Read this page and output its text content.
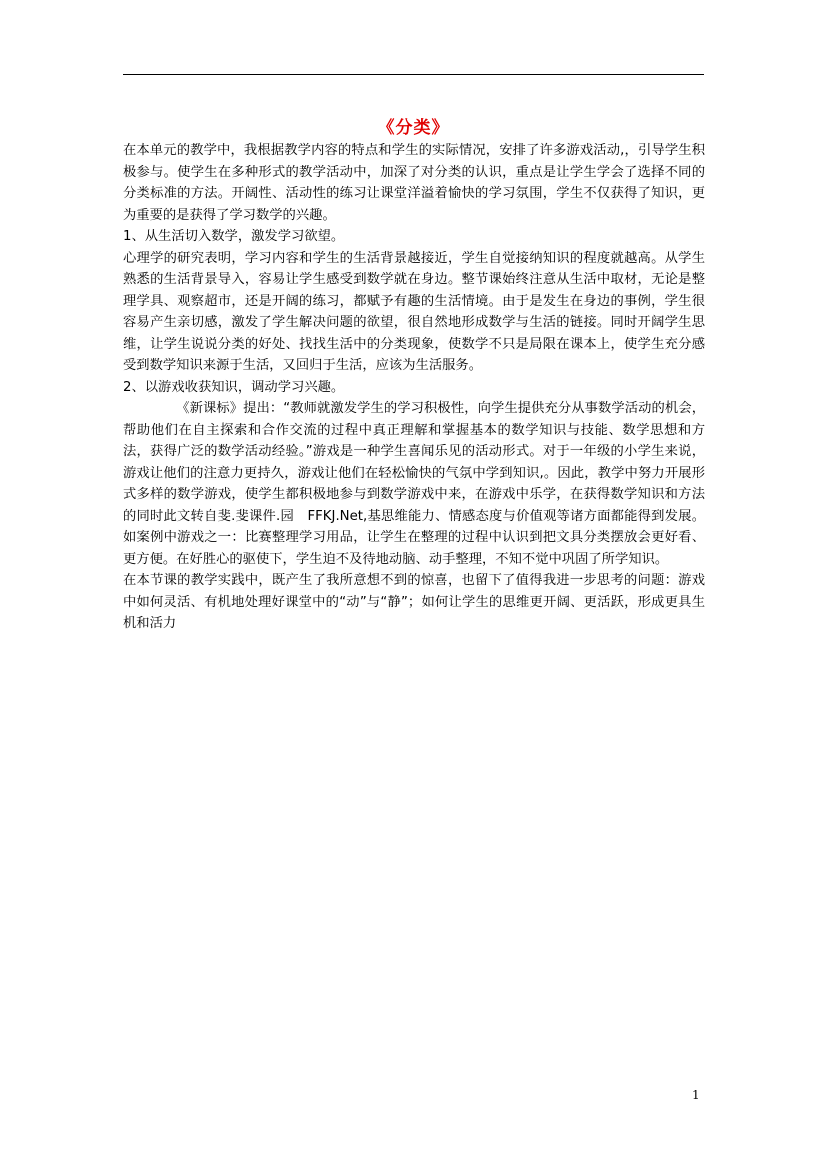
《分类》

在本单元的教学中，我根据教学内容的特点和学生的实际情况，安排了许多游戏活动,，引导学生积极参与。使学生在多种形式的教学活动中，加深了对分类的认识，重点是让学生学会了选择不同的分类标准的方法。开阔性、活动性的练习让课堂洋溢着愉快的学习氛围，学生不仅获得了知识，更为重要的是获得了学习数学的兴趣。

1、从生活切入数学，激发学习欲望。

心理学的研究表明，学习内容和学生的生活背景越接近，学生自觉接纳知识的程度就越高。从学生熟悉的生活背景导入，容易让学生感受到数学就在身边。整节课始终注意从生活中取材，无论是整理学具、观察超市，还是开阔的练习，都赋予有趣的生活情境。由于是发生在身边的事例，学生很容易产生亲切感，激发了学生解决问题的欲望，很自然地形成数学与生活的链接。同时开阔学生思维，让学生说说分类的好处、找找生活中的分类现象，使数学不只是局限在课本上，使学生充分感受到数学知识来源于生活，又回归于生活，应该为生活服务。

2、以游戏收获知识，调动学习兴趣。

《新课标》提出：“教师就激发学生的学习积极性，向学生提供充分从事数学活动的机会，帮助他们在自主探索和合作交流的过程中真正理解和掌握基本的数学知识与技能、数学思想和方法，获得广泛的数学活动经验。”游戏是一种学生喜闻乐见的活动形式。对于一年级的小学生来说，游戏让他们的注意力更持久，游戏让他们在轻松愉快的气氛中学到知识,。因此，教学中努力开展形式多样的数学游戏，使学生都积极地参与到数学游戏中来，在游戏中乐学，在获得数学知识和方法的同时此文转自斐.斐课件.园　FFKJ.Net,基思维能力、情感态度与价值观等诸方面都能得到发展。如案例中游戏之一：比赛整理学习用品，让学生在整理的过程中认识到把文具分类摆放会更好看、更方便。在好胜心的驱使下，学生迫不及待地动脑、动手整理，不知不觉中巩固了所学知识。

在本节课的教学实践中，既产生了我所意想不到的惊喜，也留下了值得我进一步思考的问题：游戏中如何灵活、有机地处理好课堂中的“动”与“静”；如何让学生的思维更开阔、更活跃，形成更具生机和活力

1
